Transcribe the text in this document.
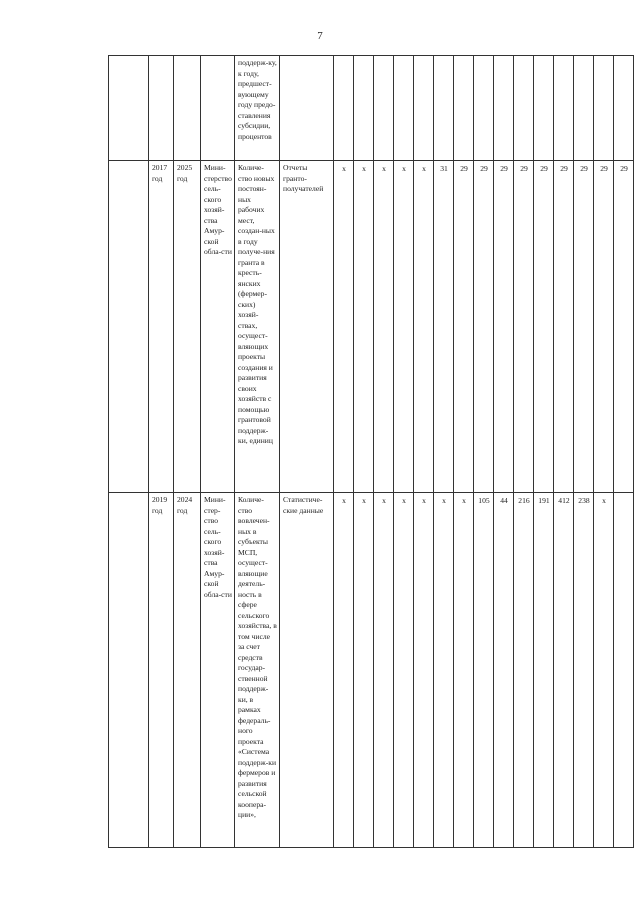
7
				поддерж-ку, к году, предшест-вующему году предо-ставления субсидии, процентов																
	2017 год	2025 год	Мини-стерство сель-ского хозяй-ства Амур-ской обла-сти	Количе-ство новых постоян-ных рабочих мест, создан-ных в году получе-ния гранта в кресть-янских (фермер-ских) хозяй-ствах, осущест-вляющих проекты создания и развития своих хозяйств с помощью грантовой поддерж-ки, единиц	Отчеты гранто-получателей	x	x	x	x	x	31	29	29	29	29	29	29	29	29	29
	2019 год	2024 год	Мини-стер-ство сель-ского хозяй-ства Амур-ской обла-сти	Количе-ство вовлечен-ных в субъекты МСП, осущест-вляющие деятель-ность в сфере сельского хозяйства, в том числе за счет средств государ-ственной поддерж-ки, в рамках федераль-ного проекта «Система поддерж-ки фермеров и развития сельской коопера-ции»,	Статистиче-ские данные	x	x	x	x	x	x	x	105	44	216	191	412	238	x	
